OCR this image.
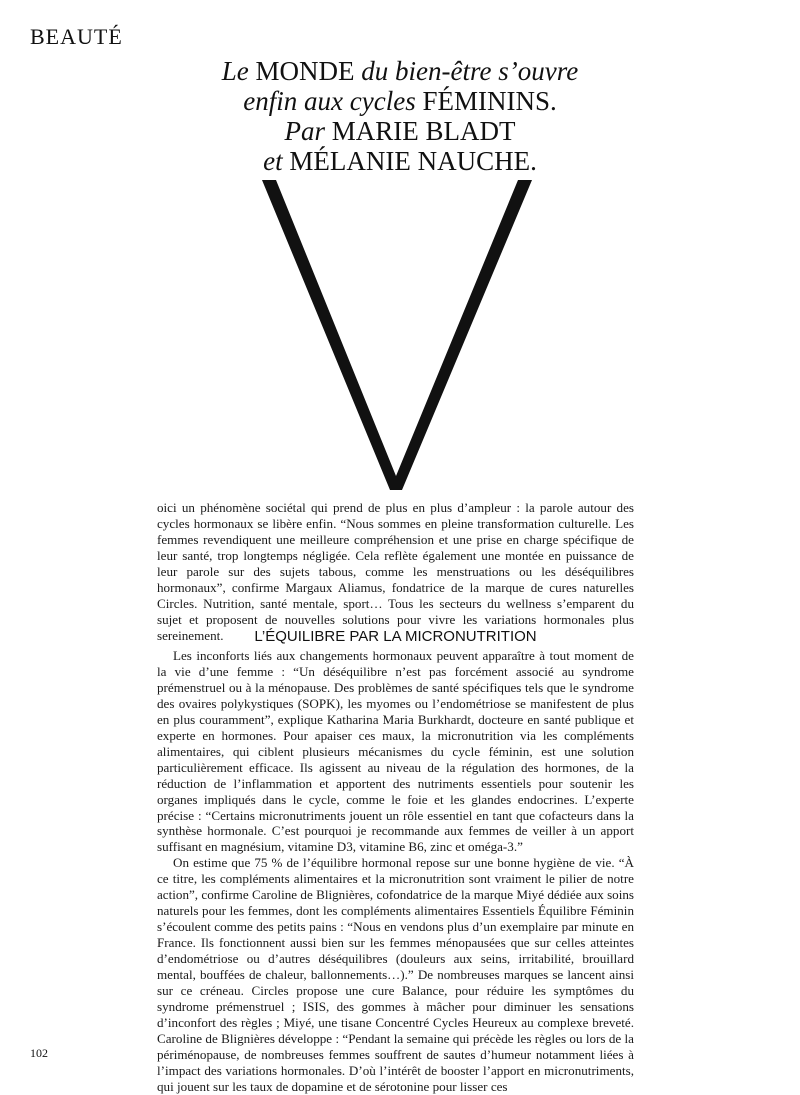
BEAUTÉ
Le MONDE du bien-être s’ouvre
enfin aux cycles FÉMININS.
Par MARIE BLADT
et MÉLANIE NAUCHE.

oici un phénomène sociétal qui prend de plus en plus d’ampleur : la parole autour des cycles hormonaux se libère enfin. “Nous sommes en pleine transformation culturelle. Les femmes revendiquent une meilleure compréhension et une prise en charge spécifique de leur santé, trop longtemps négligée. Cela reflète également une montée en puissance de leur parole sur des sujets tabous, comme les menstruations ou les déséquilibres hormonaux”, confirme Margaux Aliamus, fondatrice de la marque de cures naturelles Circles. Nutrition, santé mentale, sport… Tous les secteurs du wellness s’emparent du sujet et proposent de nouvelles solutions pour vivre les variations hormonales plus sereinement.	L’ÉQUILIBRE PAR LA MICRONUTRITION

Les inconforts liés aux changements hormonaux peuvent apparaître à tout moment de la vie d’une femme : “Un déséquilibre n’est pas forcément associé au syndrome prémenstruel ou à la ménopause. Des problèmes de santé spécifiques tels que le syndrome des ovaires polykystiques (SOPK), les myomes ou l’endométriose se manifestent de plus en plus couramment”, explique Katharina Maria Burkhardt, docteure en santé publique et experte en hormones. Pour apaiser ces maux, la micronutrition via les compléments alimentaires, qui ciblent plusieurs mécanismes du cycle féminin, est une solution particulièrement efficace. Ils agissent au niveau de la régulation des hormones, de la réduction de l’inflammation et apportent des nutriments essentiels pour soutenir les organes impliqués dans le cycle, comme le foie et les glandes endocrines. L’experte précise : “Certains micronutriments jouent un rôle essentiel en tant que cofacteurs dans la synthèse hormonale. C’est pourquoi je recommande aux femmes de veiller à un apport suffisant en magnésium, vitamine D3, vitamine B6, zinc et oméga-3.”

On estime que 75 % de l’équilibre hormonal repose sur une bonne hygiène de vie. “À ce titre, les compléments alimentaires et la micronutrition sont vraiment le pilier de notre action”, confirme Caroline de Blignières, cofondatrice de la marque Miyé dédiée aux soins naturels pour les femmes, dont les compléments alimentaires Essentiels Équilibre Féminin s’écoulent comme des petits pains : “Nous en vendons plus d’un exemplaire par minute en France. Ils fonctionnent aussi bien sur les femmes ménopausées que sur celles atteintes d’endométriose ou d’autres déséquilibres (douleurs aux seins, irritabilité, brouillard mental, bouffées de chaleur, ballonnements…).” De nombreuses marques se lancent ainsi sur ce créneau. Circles propose une cure Balance, pour réduire les symptômes du syndrome prémenstruel ; ISIS, des gommes à mâcher pour diminuer les sensations d’inconfort des règles ; Miyé, une tisane Concentré Cycles Heureux au complexe breveté. Caroline de Blignières développe : “Pendant la semaine qui précède les règles ou lors de la périménopause, de nombreuses femmes souffrent de sautes d’humeur notamment liées à l’impact des variations hormonales. D’où l’intérêt de booster l’apport en micronutriments, qui jouent sur les taux de dopamine et de sérotonine pour lisser ces

102
